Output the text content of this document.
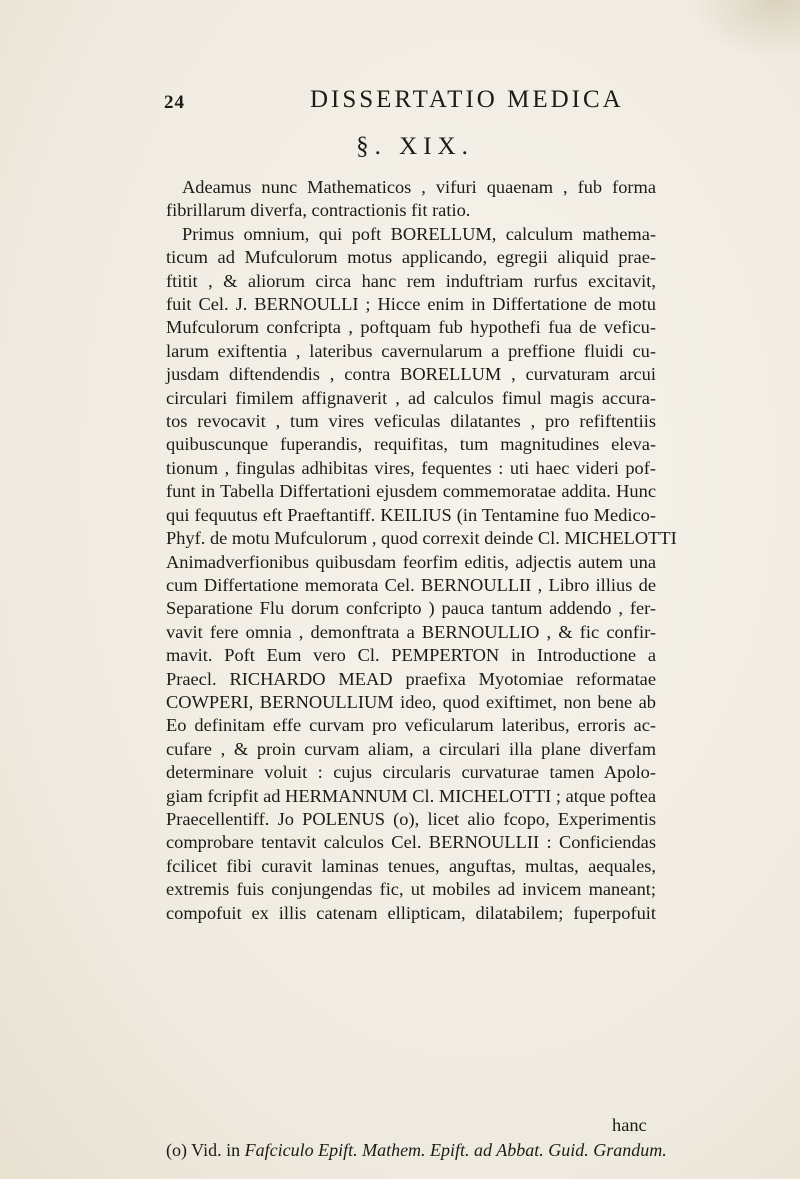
24	DISSERTATIO MEDICA
§. XIX.
Adeamus nunc Mathematicos , vifuri quaenam , fub forma
fibrillarum diverfa, contractionis fit ratio.
Primus omnium, qui poft BORELLUM, calculum mathema-
ticum ad Mufculorum motus applicando, egregii aliquid prae-
ftitit , & aliorum circa hanc rem induftriam rurfus excitavit,
fuit Cel. J. BERNOULLI ; Hicce enim in Differtatione de motu
Mufculorum confcripta , poftquam fub hypothefi fua de veficu-
larum exiftentia , lateribus cavernularum a preffione fluidi cu-
jusdam diftendendis , contra BORELLUM , curvaturam arcui
circulari fimilem affignaverit , ad calculos fimul magis accura-
tos revocavit , tum vires veficulas dilatantes , pro refiftentiis
quibuscunque fuperandis, requifitas, tum magnitudines eleva-
tionum , fingulas adhibitas vires, fequentes : uti haec videri pof-
funt in Tabella Differtationi ejusdem commemoratae addita. Hunc
qui fequutus eft Praeftantiff. KEILIUS (in Tentamine fuo Medico-
Phyf. de motu Mufculorum , quod correxit deinde Cl. MICHELOTTI
Animadverfionibus quibusdam feorfim editis, adjectis autem una
cum Differtatione memorata Cel. BERNOULLII , Libro illius de
Separatione Flu dorum confcripto ) pauca tantum addendo , fer-
vavit fere omnia , demonftrata a BERNOULLIO , & fic confir-
mavit. Poft Eum vero Cl. PEMPERTON in Introductione a
Praecl. RICHARDO MEAD praefixa Myotomiae reformatae
COWPERI, BERNOULLIUM ideo, quod exiftimet, non bene ab
Eo definitam effe curvam pro veficularum lateribus, erroris ac-
cufare , & proin curvam aliam, a circulari illa plane diverfam
determinare voluit : cujus circularis curvaturae tamen Apolo-
giam fcripfit ad HERMANNUM Cl. MICHELOTTI ; atque poftea
Praecellentiff. Jo POLENUS (o), licet alio fcopo, Experimentis
comprobare tentavit calculos Cel. BERNOULLII : Conficiendas
fcilicet fibi curavit laminas tenues, anguftas, multas, aequales,
extremis fuis conjungendas fic, ut mobiles ad invicem maneant;
compofuit ex illis catenam ellipticam, dilatabilem; fuperpofuit
hanc
(o) Vid. in Fafciculo Epift. Mathem. Epift. ad Abbat. Guid. Grandum.
